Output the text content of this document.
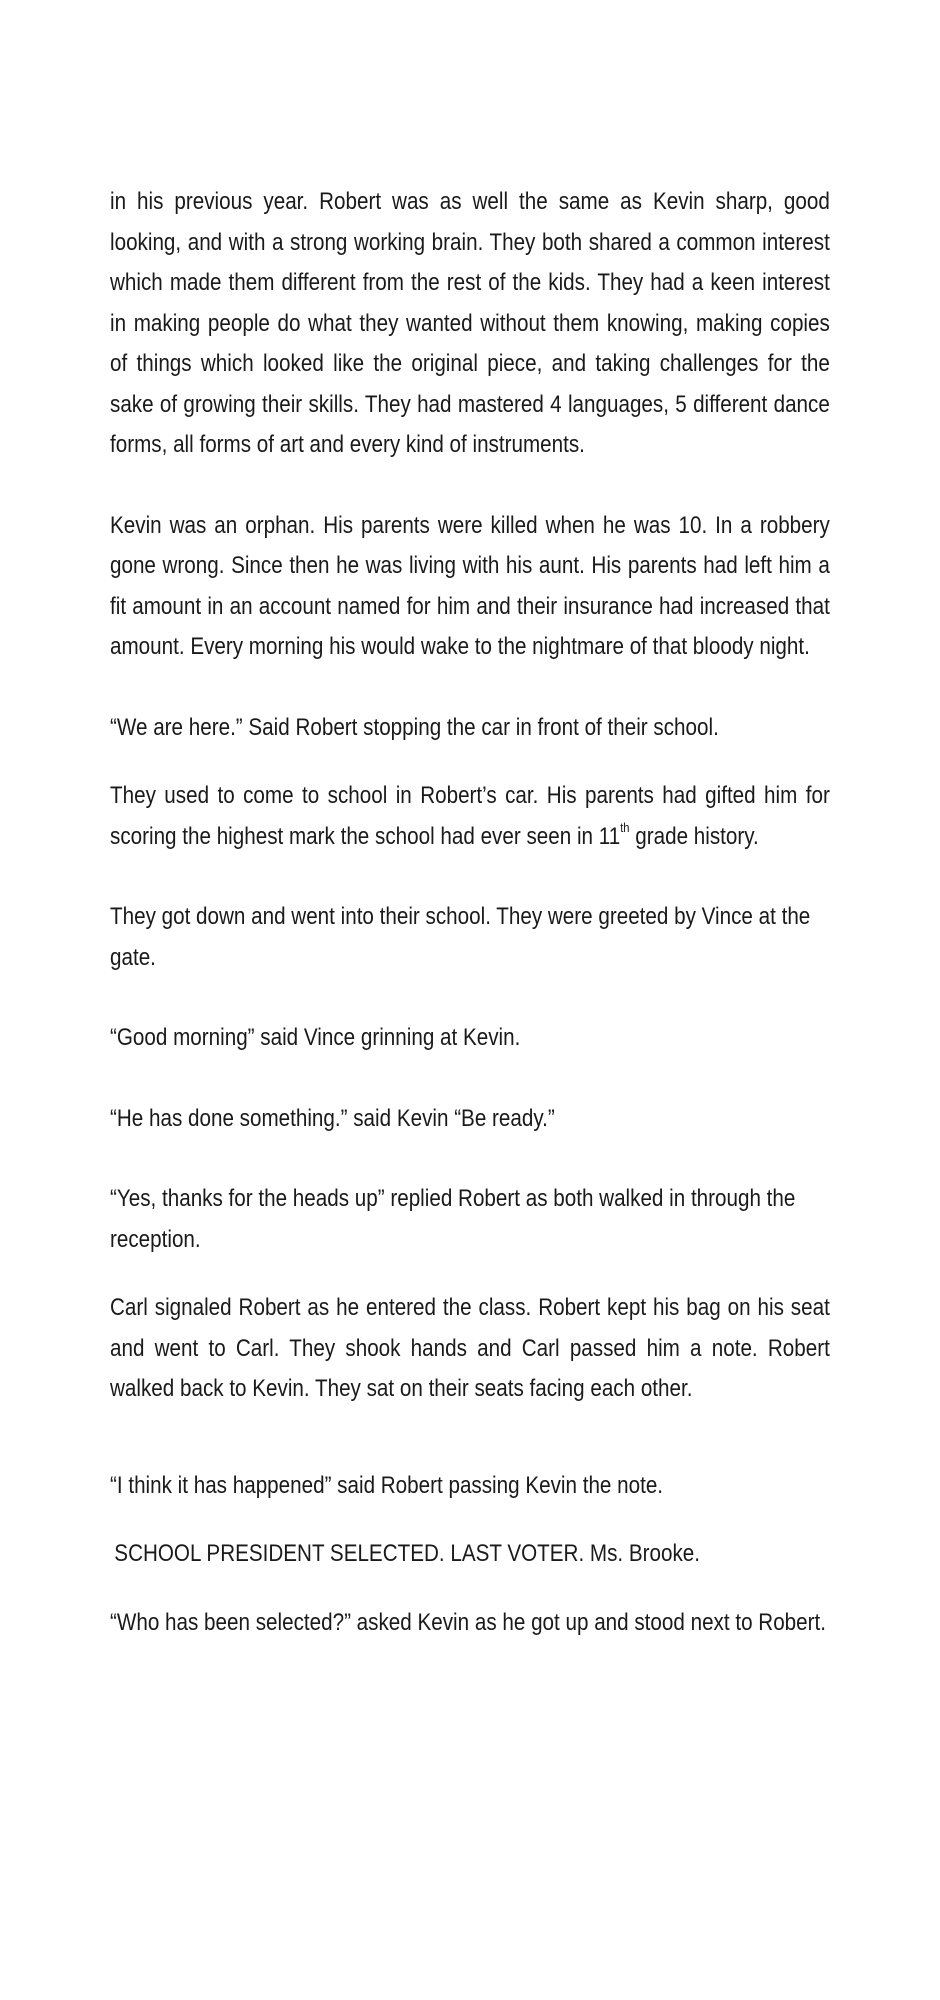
in his previous year. Robert was as well the same as Kevin sharp, good looking, and with a strong working brain. They both shared a common interest which made them different from the rest of the kids. They had a keen interest in making people do what they wanted without them knowing, making copies of things which looked like the original piece, and taking challenges for the sake of growing their skills. They had mastered 4 languages, 5 different dance forms, all forms of art and every kind of instruments.

Kevin was an orphan. His parents were killed when he was 10. In a robbery gone wrong. Since then he was living with his aunt. His parents had left him a fit amount in an account named for him and their insurance had increased that amount. Every morning his would wake to the nightmare of that bloody night.

“We are here.” Said Robert stopping the car in front of their school.

They used to come to school in Robert’s car. His parents had gifted him for scoring the highest mark the school had ever seen in 11th grade history.

They got down and went into their school. They were greeted by Vince at the gate.

“Good morning” said Vince grinning at Kevin.

“He has done something.” said Kevin “Be ready.”

“Yes, thanks for the heads up” replied Robert as both walked in through the reception.

Carl signaled Robert as he entered the class. Robert kept his bag on his seat and went to Carl. They shook hands and Carl passed him a note. Robert walked back to Kevin. They sat on their seats facing each other.

“I think it has happened” said Robert passing Kevin the note.

SCHOOL PRESIDENT SELECTED. LAST VOTER. Ms. Brooke.

“Who has been selected?” asked Kevin as he got up and stood next to Robert.
